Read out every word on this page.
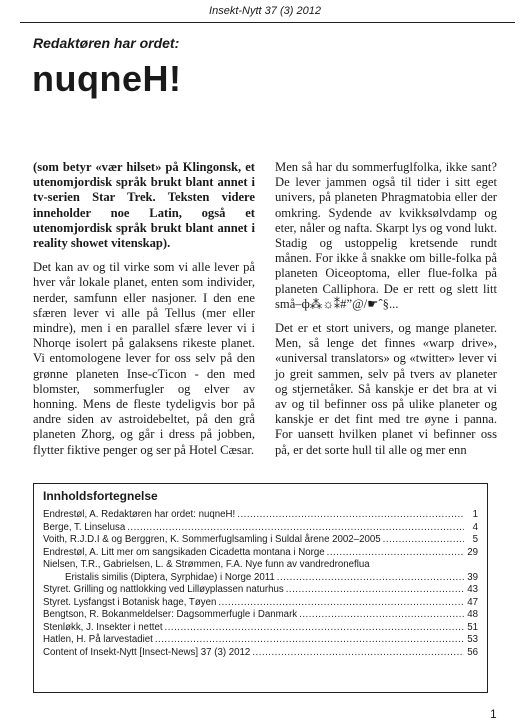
Insekt-Nytt 37 (3) 2012
Redaktøren har ordet:
nuqneH!

(som betyr «vær hilset» på Klingonsk, et utenomjordisk språk brukt blant annet i tv-serien Star Trek. Teksten videre inneholder noe Latin, også et utenomjordisk språk brukt blant annet i reality showet vitenskap).

Det kan av og til virke som vi alle lever på hver vår lokale planet, enten som individer, nerder, samfunn eller nasjoner. I den ene sfæren lever vi alle på Tellus (mer eller mindre), men i en parallel sfære lever vi i Nhorqe isolert på galaksens rikeste planet. Vi entomologene lever for oss selv på den grønne planeten Inse-cTicon - den med blomster, sommerfugler og elver av honning. Mens de fleste tydeligvis bor på andre siden av astroidebeltet, på den grå planeten Zhorg, og går i dress på jobben, flytter fiktive penger og ser på Hotel Cæsar.

Men så har du sommerfuglfolka, ikke sant? De lever jammen også til tider i sitt eget univers, på planeten Phragmatobia eller der omkring. Sydende av kvikksølvdamp og eter, nåler og nafta. Skarpt lys og vond lukt. Stadig og ustoppelig kretsende rundt månen. For ikke å snakke om bille-folka på planeten Oiceoptoma, eller flue-folka på planeten Calliphora. De er rett og slett litt små–ф⁂☼⁑#”@/☛ˆ§...

Det er et stort univers, og mange planeter. Men, så lenge det finnes «warp drive», «universal translators» og «twitter» lever vi jo greit sammen, selv på tvers av planeter og stjernetåker. Så kanskje er det bra at vi av og til befinner oss på ulike planeter og kanskje er det fint med tre øyne i panna. For uansett hvilken planet vi befinner oss på, er det sorte hull til alle og mer enn

Innholdsfortegnelse
Endrestøl, A. Redaktøren har ordet: nuqneH! .....	1
Berge, T. Linselusa .....	4
Voith, R.J.D.I & og Berggren, K. Sommerfuglsamling i Suldal årene 2002–2005 .....	5
Endrestøl, A. Litt mer om sangsikaden Cicadetta montana i Norge .....	29
Nielsen, T.R., Gabrielsen, L. & Strømmen, F.A. Nye funn av vandredroneflua
Eristalis similis (Diptera, Syrphidae) i Norge 2011 .....	39
Styret. Grilling og nattlokking ved Lilløyplassen naturhus .....	43
Styret. Lysfangst i Botanisk hage, Tøyen .....	47
Bengtson, R. Bokanmeldelser: Dagsommerfugle i Danmark .....	48
Stenløkk, J. Insekter i nettet .....	51
Hatlen, H. På larvestadiet .....	53
Content of Insekt-Nytt [Insect-News] 37 (3) 2012 .....	56
1
